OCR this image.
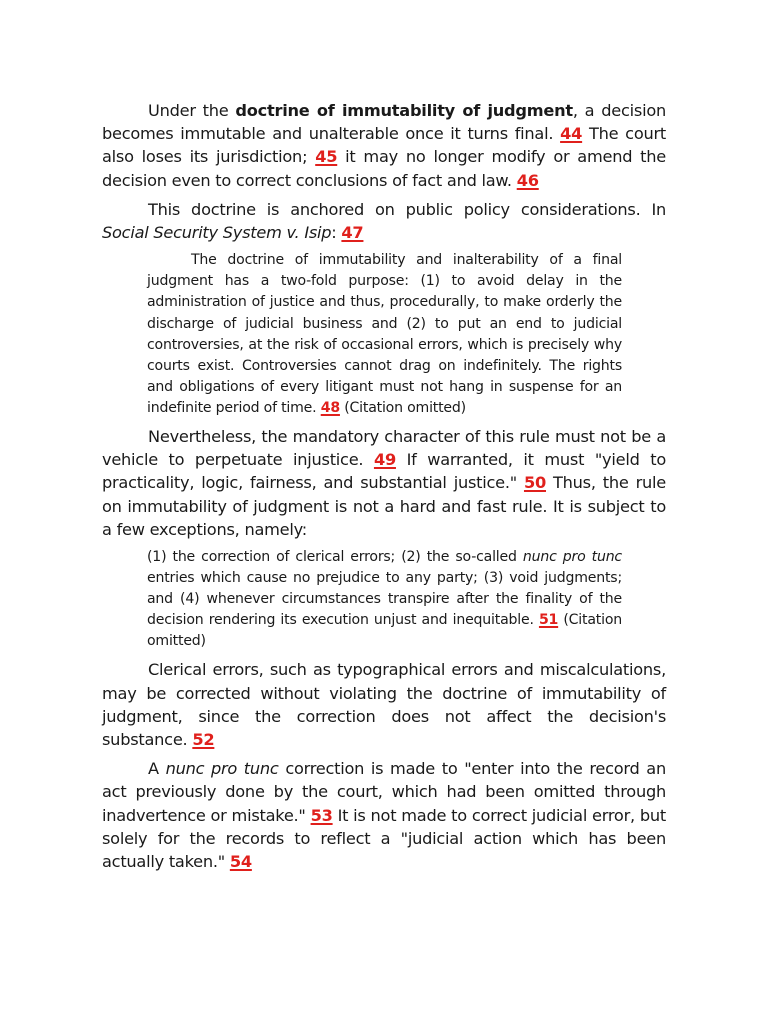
Under the doctrine of immutability of judgment, a decision becomes immutable and unalterable once it turns final. 44 The court also loses its jurisdiction; 45 it may no longer modify or amend the decision even to correct conclusions of fact and law. 46

This doctrine is anchored on public policy considerations. In Social Security System v. Isip: 47

The doctrine of immutability and inalterability of a final judgment has a two-fold purpose: (1) to avoid delay in the administration of justice and thus, procedurally, to make orderly the discharge of judicial business and (2) to put an end to judicial controversies, at the risk of occasional errors, which is precisely why courts exist. Controversies cannot drag on indefinitely. The rights and obligations of every litigant must not hang in suspense for an indefinite period of time. 48 (Citation omitted)

Nevertheless, the mandatory character of this rule must not be a vehicle to perpetuate injustice. 49 If warranted, it must "yield to practicality, logic, fairness, and substantial justice." 50 Thus, the rule on immutability of judgment is not a hard and fast rule. It is subject to a few exceptions, namely:

(1) the correction of clerical errors; (2) the so-called nunc pro tunc entries which cause no prejudice to any party; (3) void judgments; and (4) whenever circumstances transpire after the finality of the decision rendering its execution unjust and inequitable. 51 (Citation omitted)

Clerical errors, such as typographical errors and miscalculations, may be corrected without violating the doctrine of immutability of judgment, since the correction does not affect the decision's substance. 52

A nunc pro tunc correction is made to "enter into the record an act previously done by the court, which had been omitted through inadvertence or mistake." 53 It is not made to correct judicial error, but solely for the records to reflect a "judicial action which has been actually taken." 54
